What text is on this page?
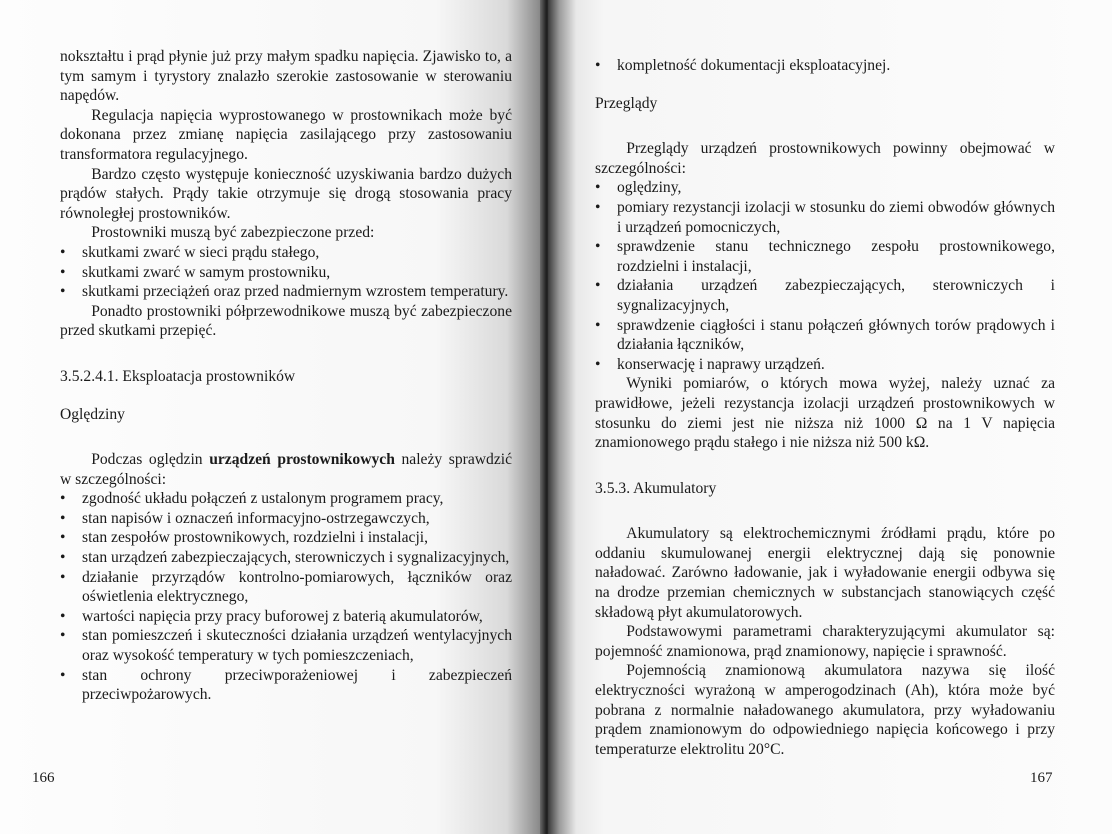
nokształtu i prąd płynie już przy małym spadku napięcia. Zjawisko to, a tym samym i tyrystory znalazło szerokie zastosowanie w sterowaniu napędów.

Regulacja napięcia wyprostowanego w prostownikach może być dokonana przez zmianę napięcia zasilającego przy zastosowaniu transformatora regulacyjnego.

Bardzo często występuje konieczność uzyskiwania bardzo dużych prądów stałych. Prądy takie otrzymuje się drogą stosowania pracy równoległej prostowników.

Prostowniki muszą być zabezpieczone przed:

• skutkami zwarć w sieci prądu stałego,
• skutkami zwarć w samym prostowniku,
• skutkami przeciążeń oraz przed nadmiernym wzrostem temperatury.

Ponadto prostowniki półprzewodnikowe muszą być zabezpieczone przed skutkami przepięć.

3.5.2.4.1. Eksploatacja prostowników

Oględziny

Podczas oględzin urządzeń prostownikowych należy sprawdzić w szczególności:

• zgodność układu połączeń z ustalonym programem pracy,
• stan napisów i oznaczeń informacyjno-ostrzegawczych,
• stan zespołów prostownikowych, rozdzielni i instalacji,
• stan urządzeń zabezpieczających, sterowniczych i sygnalizacyjnych,
• działanie przyrządów kontrolno-pomiarowych, łączników oraz oświetlenia elektrycznego,
• wartości napięcia przy pracy buforowej z baterią akumulatorów,
• stan pomieszczeń i skuteczności działania urządzeń wentylacyjnych oraz wysokość temperatury w tych pomieszczeniach,
• stan ochrony przeciwporażeniowej i zabezpieczeń przeciwpożarowych.
166
• kompletność dokumentacji eksploatacyjnej.

Przeglądy

Przeglądy urządzeń prostownikowych powinny obejmować w szczególności:

• oględziny,
• pomiary rezystancji izolacji w stosunku do ziemi obwodów głównych i urządzeń pomocniczych,
• sprawdzenie stanu technicznego zespołu prostownikowego, rozdzielni i instalacji,
• działania urządzeń zabezpieczających, sterowniczych i sygnalizacyjnych,
• sprawdzenie ciągłości i stanu połączeń głównych torów prądowych i działania łączników,
• konserwację i naprawy urządzeń.

Wyniki pomiarów, o których mowa wyżej, należy uznać za prawidłowe, jeżeli rezystancja izolacji urządzeń prostownikowych w stosunku do ziemi jest nie niższa niż 1000 Ω na 1 V napięcia znamionowego prądu stałego i nie niższa niż 500 kΩ.

3.5.3. Akumulatory

Akumulatory są elektrochemicznymi źródłami prądu, które po oddaniu skumulowanej energii elektrycznej dają się ponownie naładować. Zarówno ładowanie, jak i wyładowanie energii odbywa się na drodze przemian chemicznych w substancjach stanowiących część składową płyt akumulatorowych.

Podstawowymi parametrami charakteryzującymi akumulator są: pojemność znamionowa, prąd znamionowy, napięcie i sprawność.

Pojemnością znamionową akumulatora nazywa się ilość elektryczności wyrażoną w amperogodzinach (Ah), która może być pobrana z normalnie naładowanego akumulatora, przy wyładowaniu prądem znamionowym do odpowiedniego napięcia końcowego i przy temperaturze elektrolitu 20°C.

167
